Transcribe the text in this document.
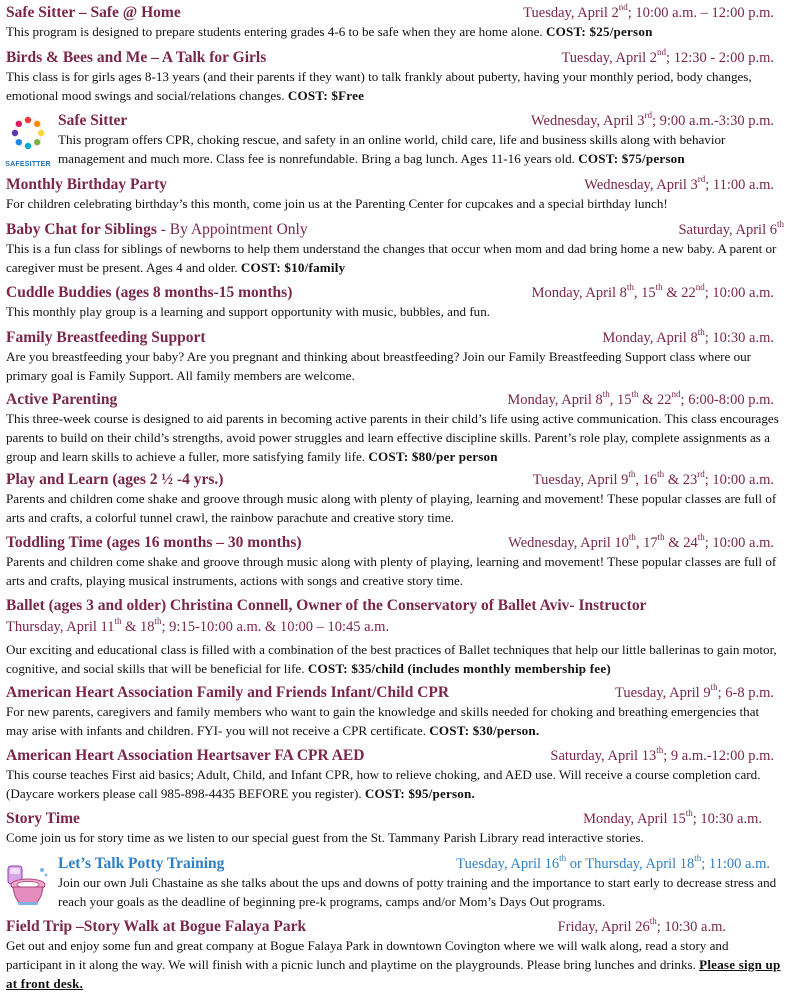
Safe Sitter – Safe @ Home	Tuesday, April 2nd; 10:00 a.m. – 12:00 p.m.

This program is designed to prepare students entering grades 4-6 to be safe when they are home alone. COST: $25/person

Birds & Bees and Me – A Talk for Girls	Tuesday, April 2nd; 12:30 - 2:00 p.m.

This class is for girls ages 8-13 years (and their parents if they want) to talk frankly about puberty, having your monthly period, body changes, emotional mood swings and social/relations changes. COST: $Free

SAFESITTER
Safe Sitter	Wednesday, April 3rd; 9:00 a.m.-3:30 p.m.

This program offers CPR, choking rescue, and safety in an online world, child care, life and business skills along with behavior management and much more. Class fee is nonrefundable. Bring a bag lunch. Ages 11-16 years old. COST: $75/person

Monthly Birthday Party	Wednesday, April 3rd; 11:00 a.m.

For children celebrating birthday’s this month, come join us at the Parenting Center for cupcakes and a special birthday lunch!

Baby Chat for Siblings - By Appointment Only	Saturday, April 6th

This is a fun class for siblings of newborns to help them understand the changes that occur when mom and dad bring home a new baby. A parent or caregiver must be present. Ages 4 and older. COST: $10/family

Cuddle Buddies (ages 8 months-15 months)	Monday, April 8th, 15th & 22nd; 10:00 a.m.

This monthly play group is a learning and support opportunity with music, bubbles, and fun.

Family Breastfeeding Support	Monday, April 8th; 10:30 a.m.

Are you breastfeeding your baby? Are you pregnant and thinking about breastfeeding? Join our Family Breastfeeding Support class where our primary goal is Family Support. All family members are welcome.

Active Parenting	Monday, April 8th, 15th & 22nd; 6:00-8:00 p.m.

This three-week course is designed to aid parents in becoming active parents in their child’s life using active communication. This class encourages parents to build on their child’s strengths, avoid power struggles and learn effective discipline skills. Parent’s role play, complete assignments as a group and learn skills to achieve a fuller, more satisfying family life. COST: $80/per person

Play and Learn (ages 2 ½ -4 yrs.)	Tuesday, April 9th, 16th & 23rd; 10:00 a.m.

Parents and children come shake and groove through music along with plenty of playing, learning and movement! These popular classes are full of arts and crafts, a colorful tunnel crawl, the rainbow parachute and creative story time.

Toddling Time (ages 16 months – 30 months)	Wednesday, April 10th, 17th & 24th; 10:00 a.m.

Parents and children come shake and groove through music along with plenty of playing, learning and movement! These popular classes are full of arts and crafts, playing musical instruments, actions with songs and creative story time.

Ballet (ages 3 and older) Christina Connell, Owner of the Conservatory of Ballet Aviv- Instructor
Thursday, April 11th & 18th; 9:15-10:00 a.m. & 10:00 – 10:45 a.m.

Our exciting and educational class is filled with a combination of the best practices of Ballet techniques that help our little ballerinas to gain motor, cognitive, and social skills that will be beneficial for life. COST: $35/child (includes monthly membership fee)

American Heart Association Family and Friends Infant/Child CPR	Tuesday, April 9th; 6-8 p.m.

For new parents, caregivers and family members who want to gain the knowledge and skills needed for choking and breathing emergencies that may arise with infants and children. FYI- you will not receive a CPR certificate. COST: $30/person.

American Heart Association Heartsaver FA CPR AED	Saturday, April 13th; 9 a.m.-12:00 p.m.

This course teaches First aid basics; Adult, Child, and Infant CPR, how to relieve choking, and AED use. Will receive a course completion card. (Daycare workers please call 985-898-4435 BEFORE you register). COST: $95/person.

Story Time	Monday, April 15th; 10:30 a.m.

Come join us for story time as we listen to our special guest from the St. Tammany Parish Library read interactive stories.

Let’s Talk Potty Training	Tuesday, April 16th or Thursday, April 18th; 11:00 a.m.

Join our own Juli Chastaine as she talks about the ups and downs of potty training and the importance to start early to decrease stress and reach your goals as the deadline of beginning pre-k programs, camps and/or Mom’s Days Out programs.

Field Trip –Story Walk at Bogue Falaya Park	Friday, April 26th; 10:30 a.m.

Get out and enjoy some fun and great company at Bogue Falaya Park in downtown Covington where we will walk along, read a story and participant in it along the way. We will finish with a picnic lunch and playtime on the playgrounds. Please bring lunches and drinks. Please sign up at front desk.
